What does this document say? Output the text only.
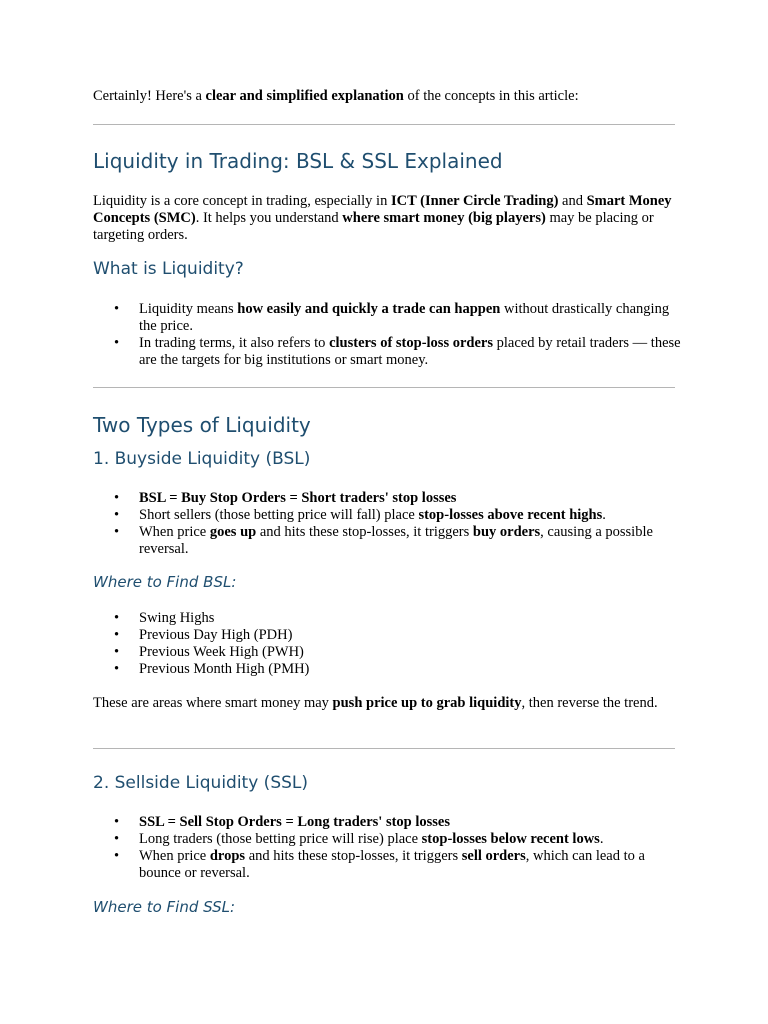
Certainly! Here's a clear and simplified explanation of the concepts in this article:

Liquidity in Trading: BSL & SSL Explained

Liquidity is a core concept in trading, especially in ICT (Inner Circle Trading) and Smart Money Concepts (SMC). It helps you understand where smart money (big players) may be placing or targeting orders.

What is Liquidity?
• Liquidity means how easily and quickly a trade can happen without drastically changing the price.
• In trading terms, it also refers to clusters of stop-loss orders placed by retail traders — these are the targets for big institutions or smart money.
Two Types of Liquidity
1. Buyside Liquidity (BSL)
• BSL = Buy Stop Orders = Short traders' stop losses
• Short sellers (those betting price will fall) place stop-losses above recent highs.
• When price goes up and hits these stop-losses, it triggers buy orders, causing a possible reversal.
Where to Find BSL:
• Swing Highs
• Previous Day High (PDH)
• Previous Week High (PWH)
• Previous Month High (PMH)

These are areas where smart money may push price up to grab liquidity, then reverse the trend.

2. Sellside Liquidity (SSL)
• SSL = Sell Stop Orders = Long traders' stop losses
• Long traders (those betting price will rise) place stop-losses below recent lows.
• When price drops and hits these stop-losses, it triggers sell orders, which can lead to a bounce or reversal.
Where to Find SSL:
